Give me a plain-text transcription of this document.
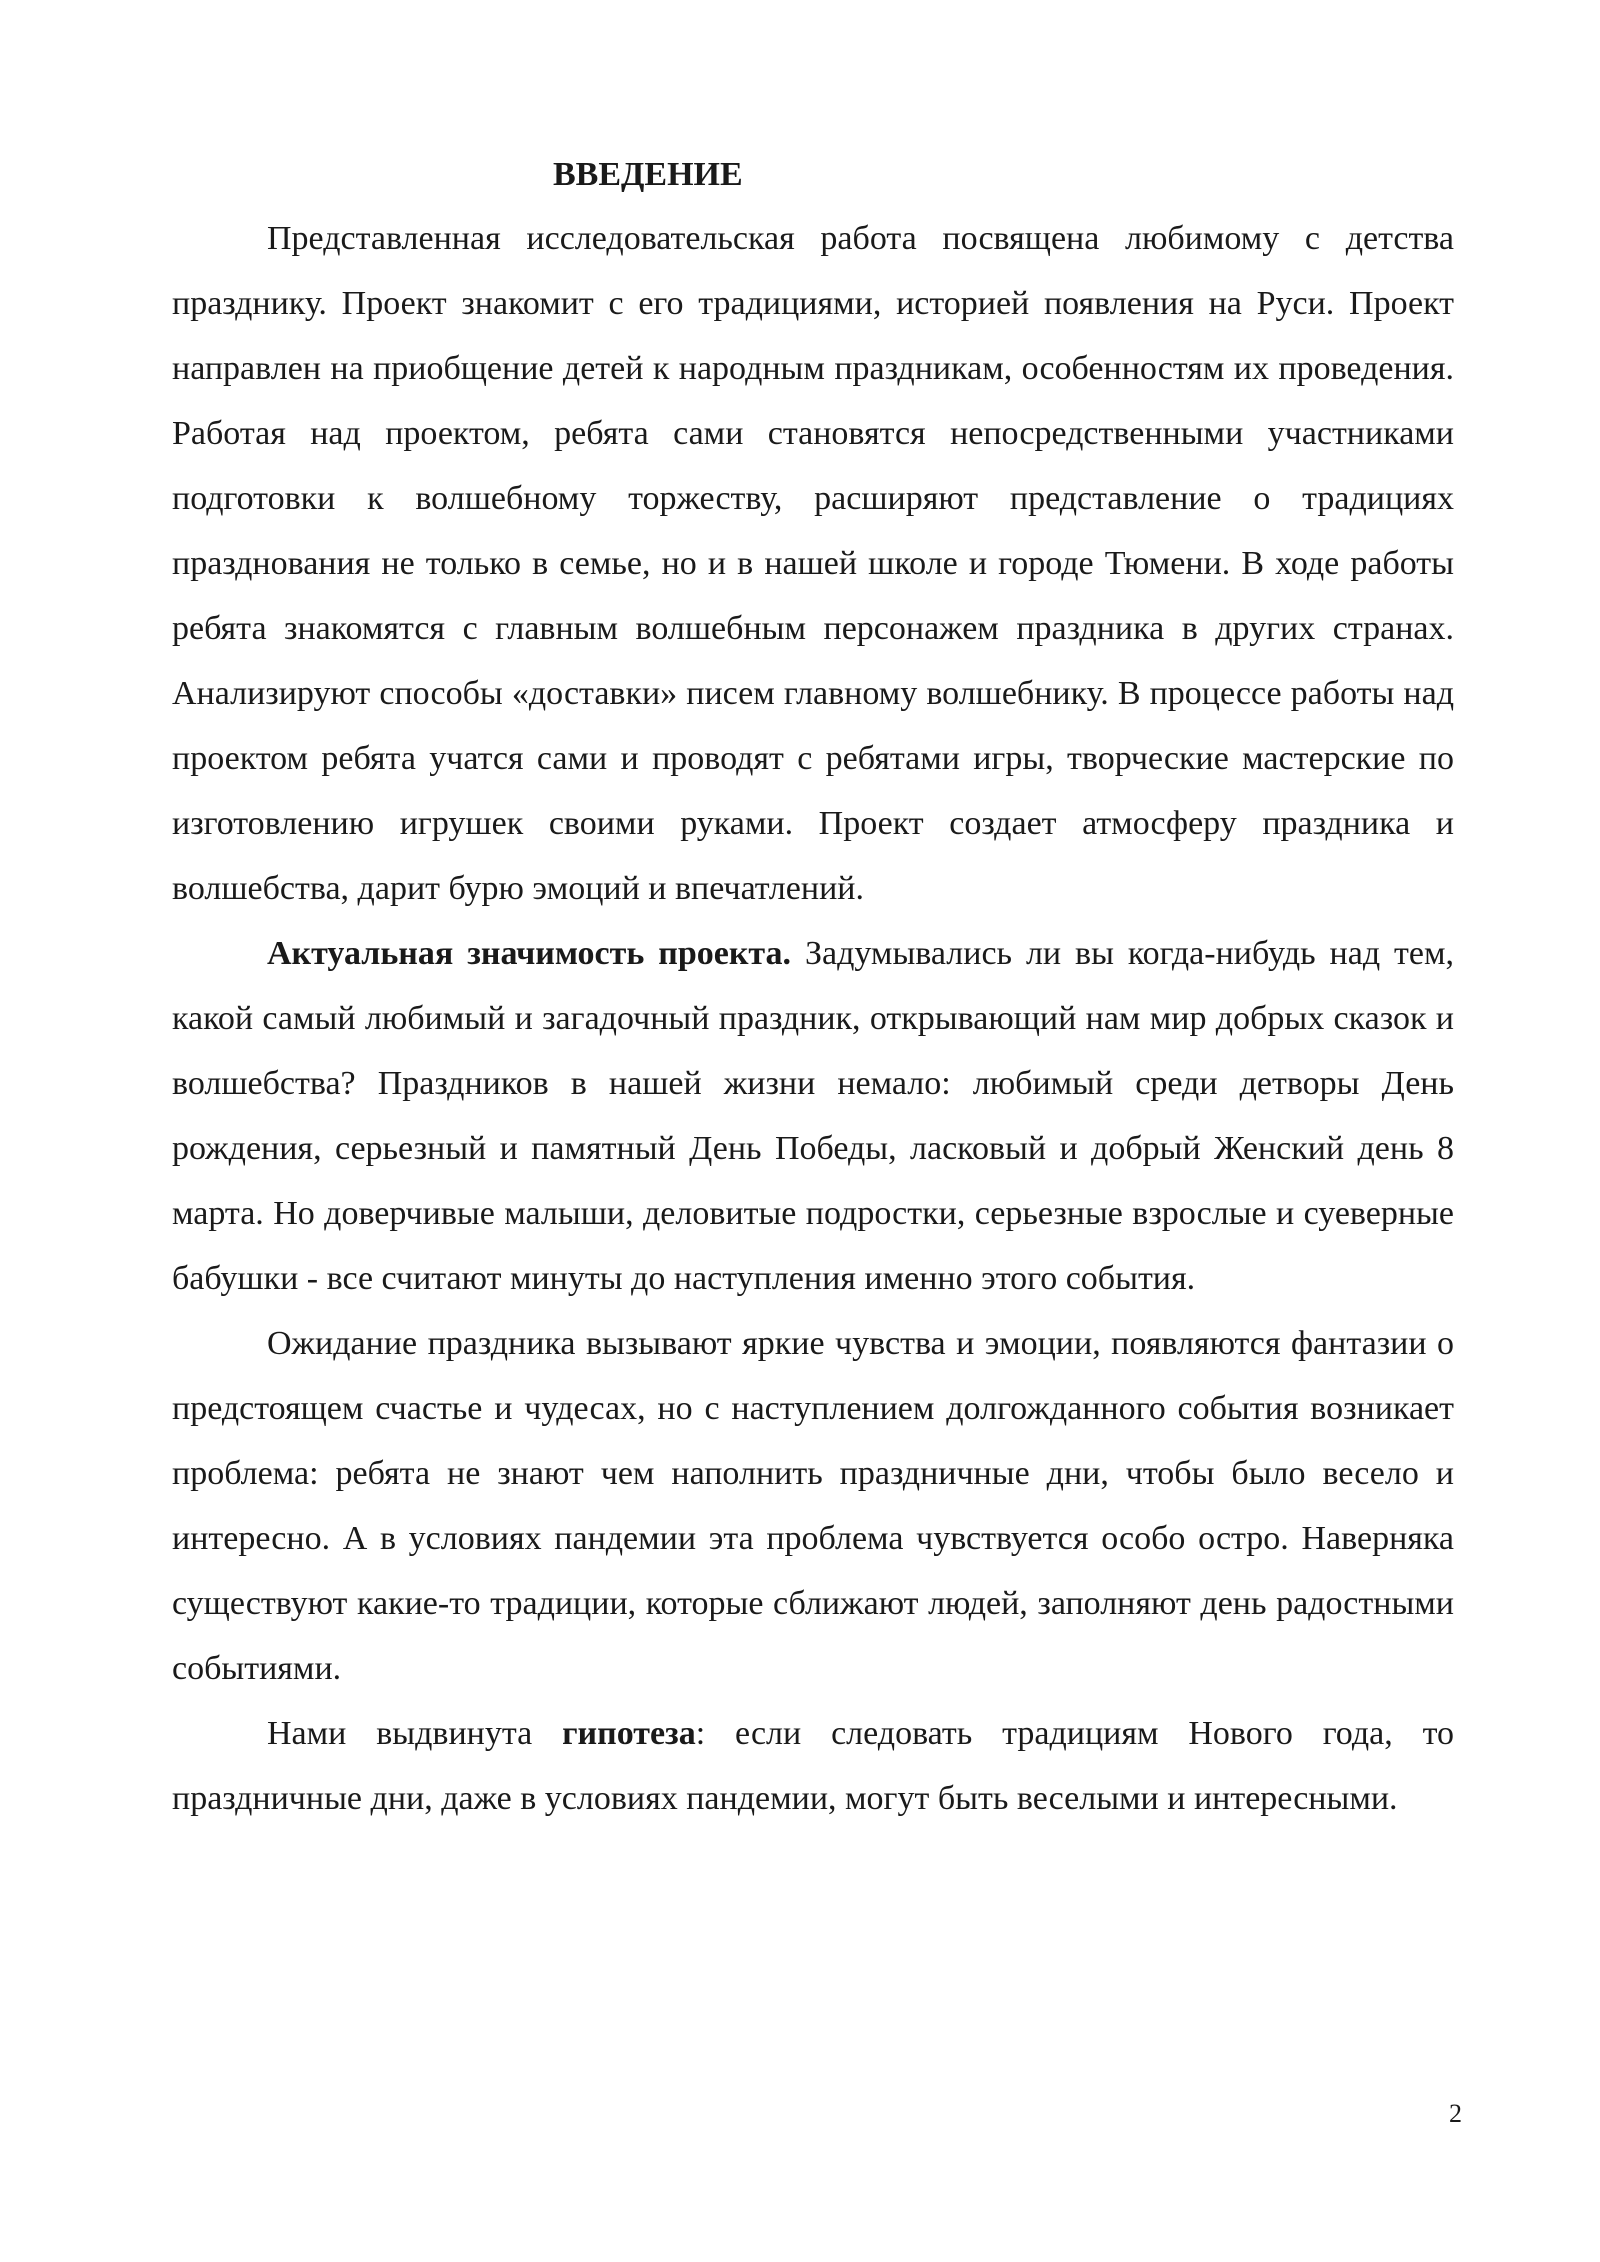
ВВЕДЕНИЕ

Представленная исследовательская работа посвящена любимому с детства празднику. Проект знакомит с его традициями, историей появления на Руси. Проект направлен на приобщение детей к народным праздникам, особенностям их проведения. Работая над проектом, ребята сами становятся непосредственными участниками подготовки к волшебному торжеству, расширяют представление о традициях празднования не только в семье, но и в нашей школе и городе Тюмени. В ходе работы ребята знакомятся с главным волшебным персонажем праздника в других странах. Анализируют способы «доставки» писем главному волшебнику. В процессе работы над проектом ребята учатся сами и проводят с ребятами игры, творческие мастерские по изготовлению игрушек своими руками. Проект создает атмосферу праздника и волшебства, дарит бурю эмоций и впечатлений.

Актуальная значимость проекта. Задумывались ли вы когда-нибудь над тем, какой самый любимый и загадочный праздник, открывающий нам мир добрых сказок и волшебства? Праздников в нашей жизни немало: любимый среди детворы День рождения, серьезный и памятный День Победы, ласковый и добрый Женский день 8 марта. Но доверчивые малыши, деловитые подростки, серьезные взрослые и суеверные бабушки - все считают минуты до наступления именно этого события.

Ожидание праздника вызывают яркие чувства и эмоции, появляются фантазии о предстоящем счастье и чудесах, но с наступлением долгожданного события возникает проблема: ребята не знают чем наполнить праздничные дни, чтобы было весело и интересно. А в условиях пандемии эта проблема чувствуется особо остро. Наверняка существуют какие-то традиции, которые сближают людей, заполняют день радостными событиями.

Нами выдвинута гипотеза: если следовать традициям Нового года, то праздничные дни, даже в условиях пандемии, могут быть веселыми и интересными.

2
